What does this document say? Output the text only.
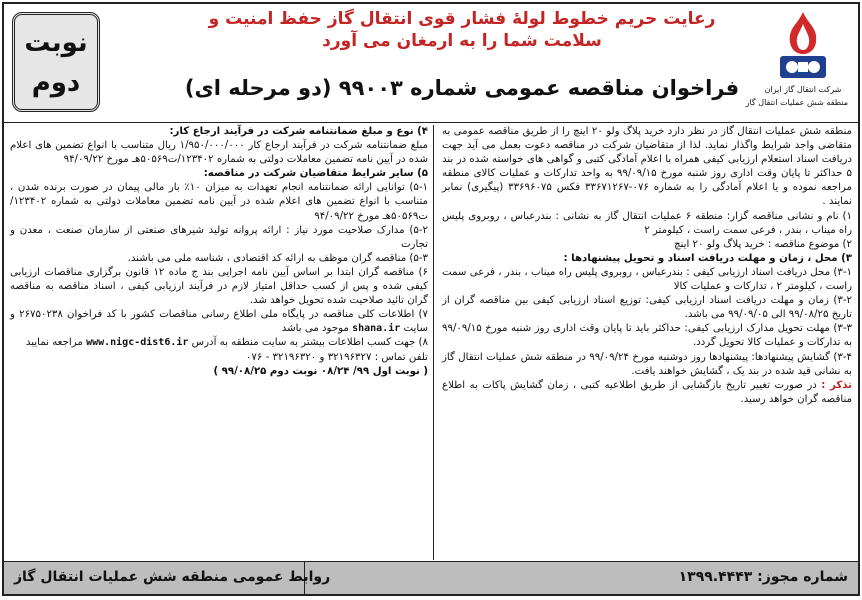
شرکت انتقال گاز ایران
منطقه شش عملیات انتقال گاز
رعایت حریم خطوط لولۀ فشار قوی انتقال گاز حفظ امنیت و سلامت شما را به ارمغان می آورد
فراخوان مناقصه عمومی شماره ۹۹۰۰۳ (دو مرحله ای)
نوبت
دوم

منطقه شش عملیات انتقال گاز در نظر دارد خرید پلاگ ولو ۲۰ اینچ را از طریق مناقصه عمومی به متقاضی واجد شرایط واگذار نماید. لذا از متقاضیان شرکت در مناقصه دعوت بعمل می آید جهت دریافت اسناد استعلام ارزیابی کیفی همراه با اعلام آمادگی کتبی و گواهی های خواسته شده در بند ۵ حداکثر تا پایان وقت اداری روز شنبه مورخ ۹۹/۰۹/۱۵ به واحد تدارکات و عملیات کالای منطقه مراجعه نموده و یا اعلام آمادگی را به شماره ۰۷۶-۳۳۶۷۱۲۶۷ فکس ۳۳۶۹۶۰۷۵ (پیگیری) نمابر نمایند .

۱) نام و نشانی مناقصه گزار: منطقه ۶ عملیات انتقال گاز به نشانی : بندرعباس ، روبروی پلیس راه میناب ، بندر ، فرعی سمت راست ، کیلومتر ۲

۲) موضوع مناقصه : خرید پلاگ ولو ۲۰ اینچ

۳) محل ، زمان و مهلت دریافت اسناد و تحویل پیشنهادها :

۳-۱) محل دریافت اسناد ارزیابی کیفی : بندرعباس ، روبروی پلیس راه میناب ، بندر ، فرعی سمت راست ، کیلومتر ۲ ، تدارکات و عملیات کالا

۳-۲) زمان و مهلت دریافت اسناد ارزیابی کیفی: توزیع اسناد ارزیابی کیفی بین مناقصه گران از تاریخ ۹۹/۰۸/۲۵ الی ۹۹/۰۹/۰۵ می باشد.

۳-۳) مهلت تحویل مدارک ارزیابی کیفی: حداکثر باید تا پایان وقت اداری روز شنبه مورخ ۹۹/۰۹/۱۵ به تدارکات و عملیات کالا تحویل گردد.

۳-۴) گشایش پیشنهادها: پیشنهادها روز دوشنبه مورخ ۹۹/۰۹/۲۴ در منطقه شش عملیات انتقال گاز به نشانی قید شده در بند یک ، گشایش خواهند یافت.

تذکر : در صورت تغییر تاریخ بازگشایی از طریق اطلاعیه کتبی ، زمان گشایش پاکات به اطلاع مناقصه گران خواهد رسید.

۴) نوع و مبلغ ضمانتنامه شرکت در فرآیند ارجاع کار:

مبلغ ضمانتنامه شرکت در فرآیند ارجاع کار ۱/۹۵۰/۰۰۰/۰۰۰ ریال متناسب با انواع تضمین های اعلام شده در آیین نامه تضمین معاملات دولتی به شماره ۱۲۳۴۰۲/ت۵۰۵۶۹هـ مورخ ۹۴/۰۹/۲۲

۵) سایر شرایط متقاضیان شرکت در مناقصه:

۵-۱) توانایی ارائه ضمانتنامه انجام تعهدات به میزان ۱۰٪ بار مالی پیمان در صورت برنده شدن ، متناسب با انواع تضمین های اعلام شده در آیین نامه تضمین معاملات دولتی به شماره ۱۲۳۴۰۲/ت۵۰۵۶۹هـ مورخ ۹۴/۰۹/۲۲

۵-۲) مدارک صلاحیت مورد نیاز : ارائه پروانه تولید شیرهای صنعتی از سازمان صنعت ، معدن و تجارت

۵-۳) مناقصه گران موظف به ارائه کد اقتصادی ، شناسه ملی می باشند.

۶) مناقصه گران ابتدا بر اساس آیین نامه اجرایی بند ج ماده ۱۲ قانون برگزاری مناقصات ارزیابی کیفی شده و پس از کسب حداقل امتیاز لازم در فرآیند ارزیابی کیفی ، اسناد مناقصه به مناقصه گران تائید صلاحیت شده تحویل خواهد شد.

۷) اطلاعات کلی مناقصه در پایگاه ملی اطلاع رسانی مناقصات کشور با کد فراخوان ۲۶۷۵۰۲۳۸ و سایت shana.ir موجود می باشد

۸) جهت کسب اطلاعات بیشتر به سایت منطقه به آدرس www.nigc-dist6.ir مراجعه نمایید

تلفن تماس : ۳۲۱۹۶۳۲۷ و ۳۲۱۹۶۳۲۰ - ۰۷۶

( نوبت اول ۹۹/ ۰۸/۲۴ نوبت دوم ۹۹/۰۸/۲۵ )

شماره مجوز: ۱۳۹۹.۴۴۴۳
روابط عمومی منطقه شش عملیات انتقال گاز
